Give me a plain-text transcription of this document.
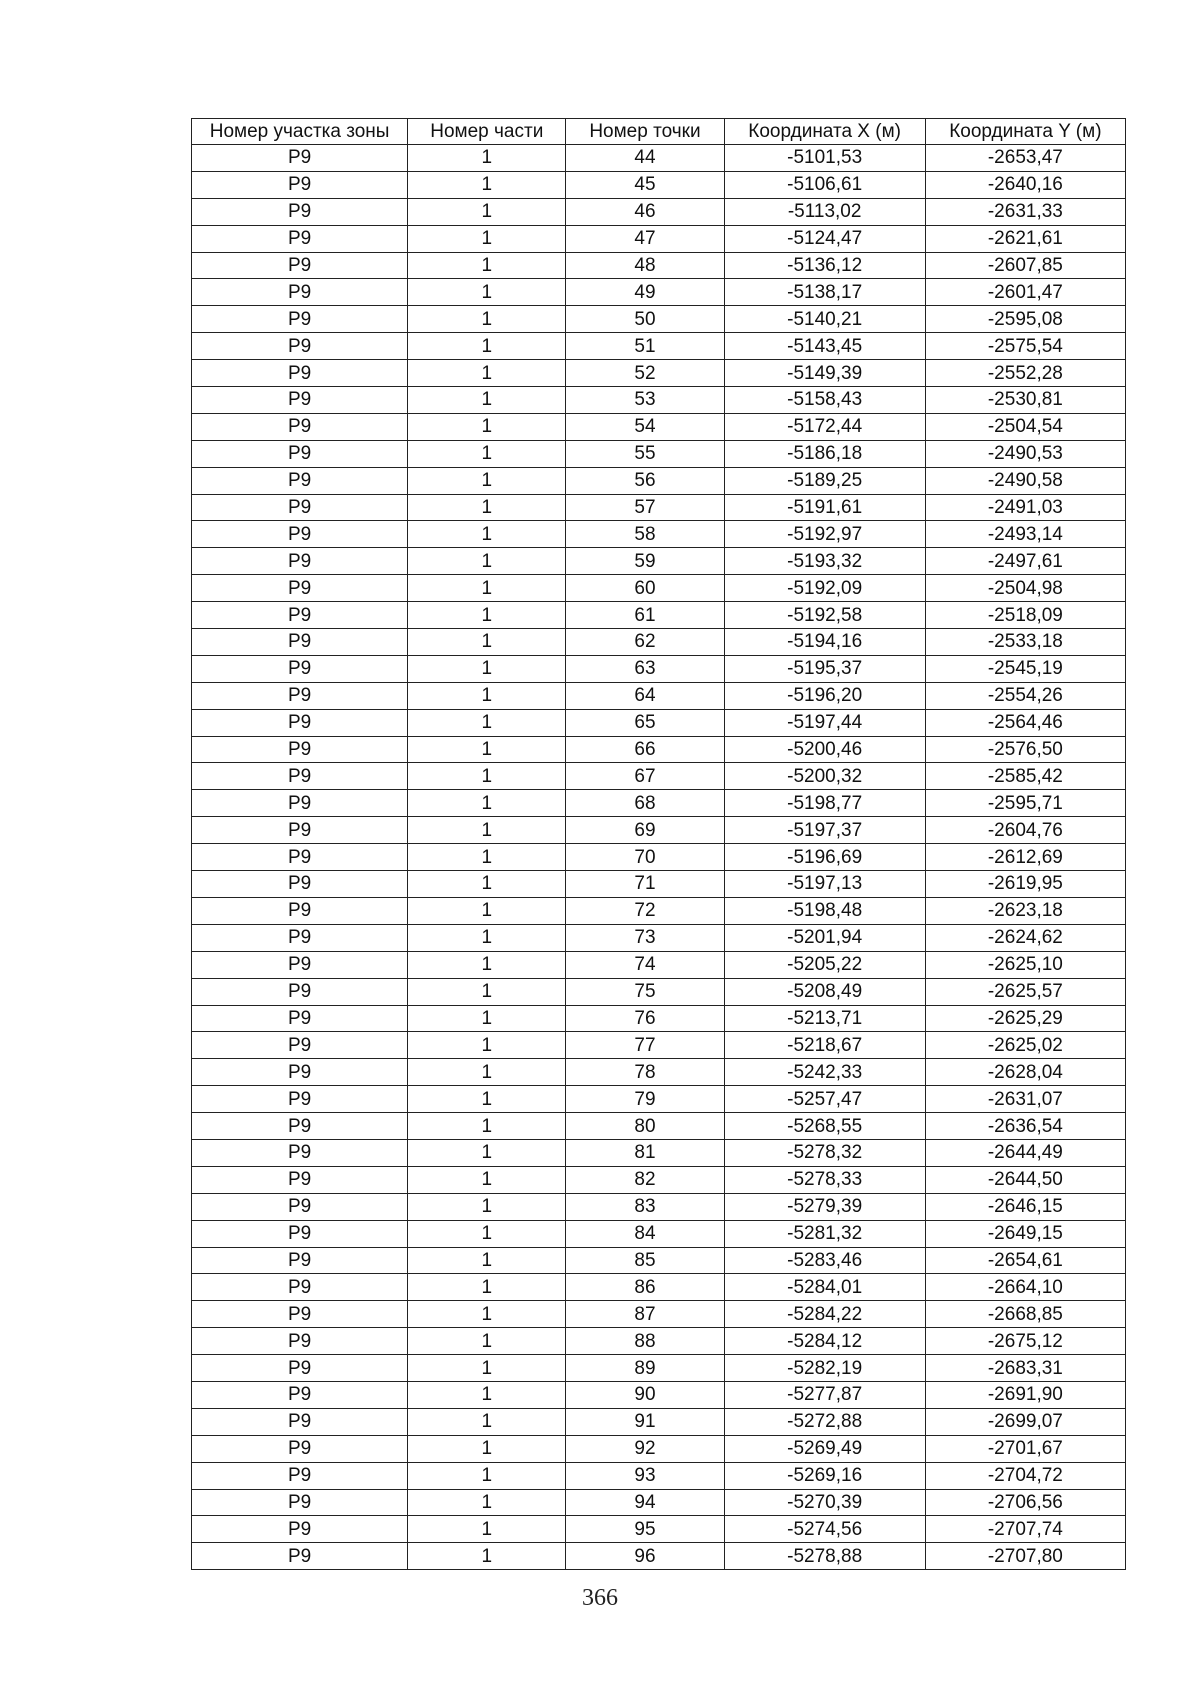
Номер участка зоны	Номер части	Номер точки	Координата X (м)	Координата Y (м)
Р9	1	44	-5101,53	-2653,47
Р9	1	45	-5106,61	-2640,16
Р9	1	46	-5113,02	-2631,33
Р9	1	47	-5124,47	-2621,61
Р9	1	48	-5136,12	-2607,85
Р9	1	49	-5138,17	-2601,47
Р9	1	50	-5140,21	-2595,08
Р9	1	51	-5143,45	-2575,54
Р9	1	52	-5149,39	-2552,28
Р9	1	53	-5158,43	-2530,81
Р9	1	54	-5172,44	-2504,54
Р9	1	55	-5186,18	-2490,53
Р9	1	56	-5189,25	-2490,58
Р9	1	57	-5191,61	-2491,03
Р9	1	58	-5192,97	-2493,14
Р9	1	59	-5193,32	-2497,61
Р9	1	60	-5192,09	-2504,98
Р9	1	61	-5192,58	-2518,09
Р9	1	62	-5194,16	-2533,18
Р9	1	63	-5195,37	-2545,19
Р9	1	64	-5196,20	-2554,26
Р9	1	65	-5197,44	-2564,46
Р9	1	66	-5200,46	-2576,50
Р9	1	67	-5200,32	-2585,42
Р9	1	68	-5198,77	-2595,71
Р9	1	69	-5197,37	-2604,76
Р9	1	70	-5196,69	-2612,69
Р9	1	71	-5197,13	-2619,95
Р9	1	72	-5198,48	-2623,18
Р9	1	73	-5201,94	-2624,62
Р9	1	74	-5205,22	-2625,10
Р9	1	75	-5208,49	-2625,57
Р9	1	76	-5213,71	-2625,29
Р9	1	77	-5218,67	-2625,02
Р9	1	78	-5242,33	-2628,04
Р9	1	79	-5257,47	-2631,07
Р9	1	80	-5268,55	-2636,54
Р9	1	81	-5278,32	-2644,49
Р9	1	82	-5278,33	-2644,50
Р9	1	83	-5279,39	-2646,15
Р9	1	84	-5281,32	-2649,15
Р9	1	85	-5283,46	-2654,61
Р9	1	86	-5284,01	-2664,10
Р9	1	87	-5284,22	-2668,85
Р9	1	88	-5284,12	-2675,12
Р9	1	89	-5282,19	-2683,31
Р9	1	90	-5277,87	-2691,90
Р9	1	91	-5272,88	-2699,07
Р9	1	92	-5269,49	-2701,67
Р9	1	93	-5269,16	-2704,72
Р9	1	94	-5270,39	-2706,56
Р9	1	95	-5274,56	-2707,74
Р9	1	96	-5278,88	-2707,80
366
